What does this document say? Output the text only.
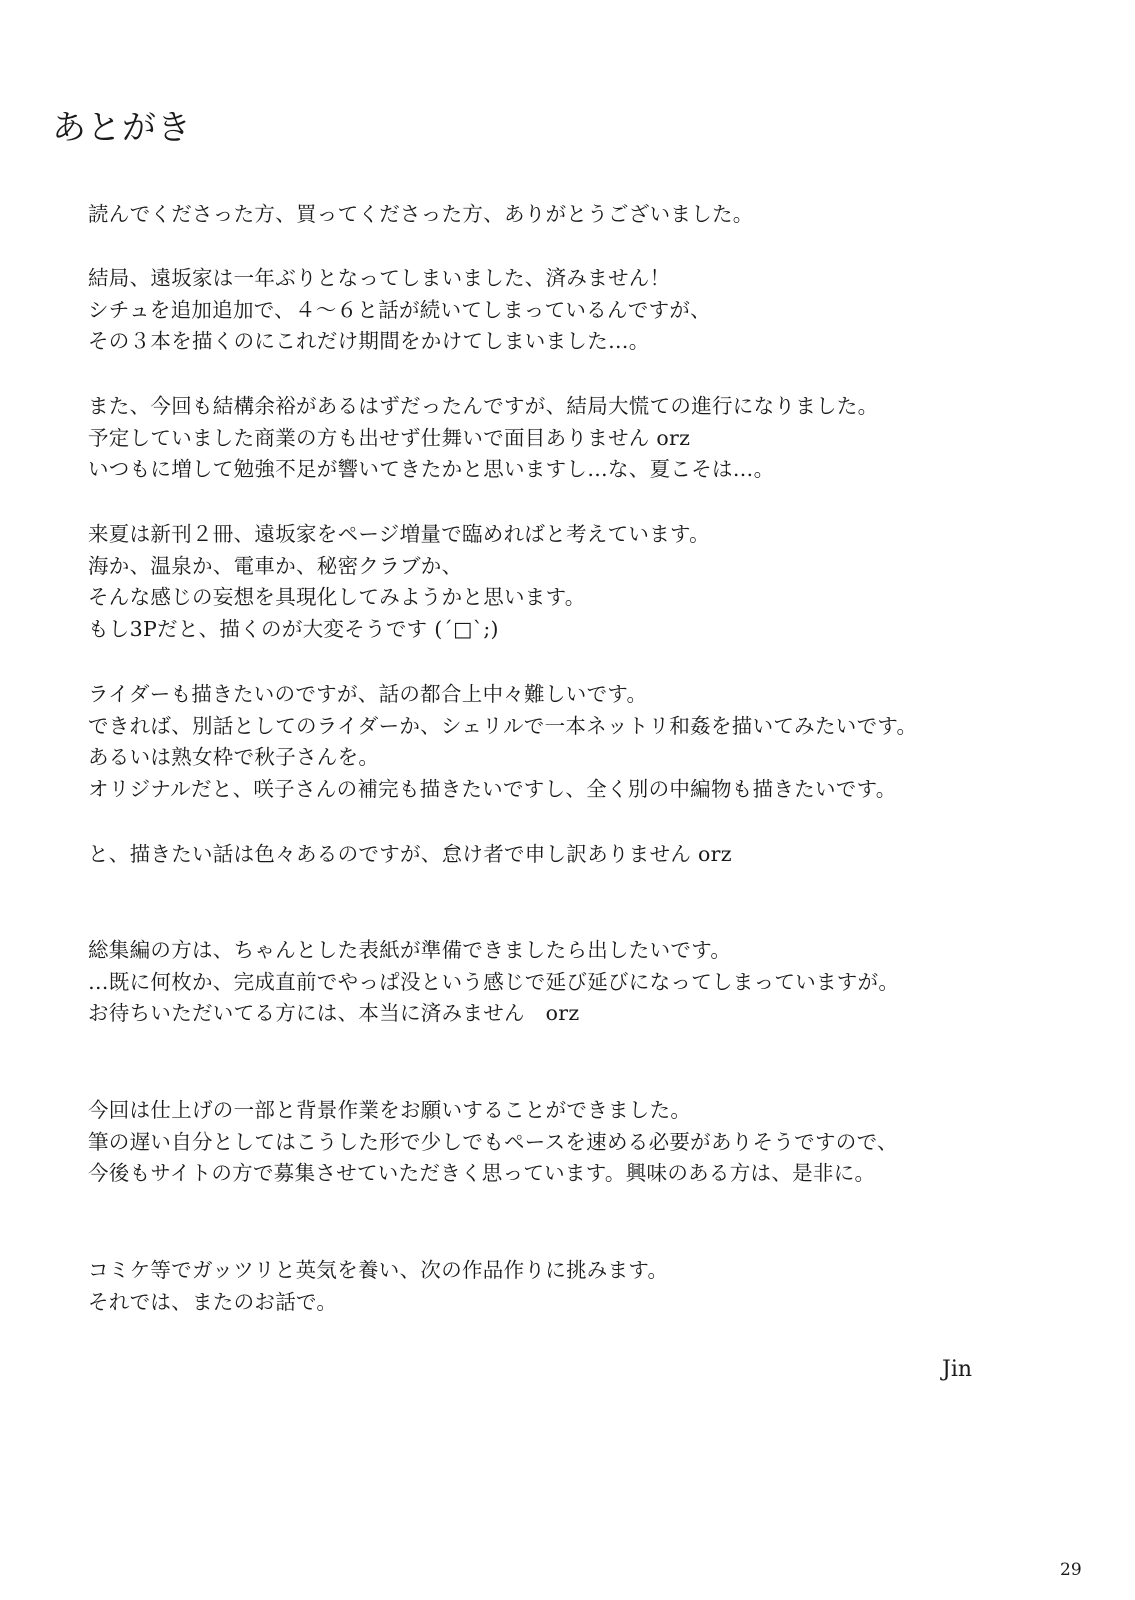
あとがき
読んでくださった方、買ってくださった方、ありがとうございました。
結局、遠坂家は一年ぶりとなってしまいました、済みません！
シチュを追加追加で、４～６と話が続いてしまっているんですが、
その３本を描くのにこれだけ期間をかけてしまいました…。
また、今回も結構余裕があるはずだったんですが、結局大慌ての進行になりました。
予定していました商業の方も出せず仕舞いで面目ありません orz
いつもに増して勉強不足が響いてきたかと思いますし…な、夏こそは…。
来夏は新刊２冊、遠坂家をページ増量で臨めればと考えています。
海か、温泉か、電車か、秘密クラブか、
そんな感じの妄想を具現化してみようかと思います。
もし3Pだと、描くのが大変そうです (´□`;)
ライダーも描きたいのですが、話の都合上中々難しいです。
できれば、別話としてのライダーか、シェリルで一本ネットリ和姦を描いてみたいです。
あるいは熟女枠で秋子さんを。
オリジナルだと、咲子さんの補完も描きたいですし、全く別の中編物も描きたいです。
と、描きたい話は色々あるのですが、怠け者で申し訳ありません orz
総集編の方は、ちゃんとした表紙が準備できましたら出したいです。
…既に何枚か、完成直前でやっぱ没という感じで延び延びになってしまっていますが。
お待ちいただいてる方には、本当に済みません　orz
今回は仕上げの一部と背景作業をお願いすることができました。
筆の遅い自分としてはこうした形で少しでもペースを速める必要がありそうですので、
今後もサイトの方で募集させていただきく思っています。興味のある方は、是非に。
コミケ等でガッツリと英気を養い、次の作品作りに挑みます。
それでは、またのお話で。
Jin
29
